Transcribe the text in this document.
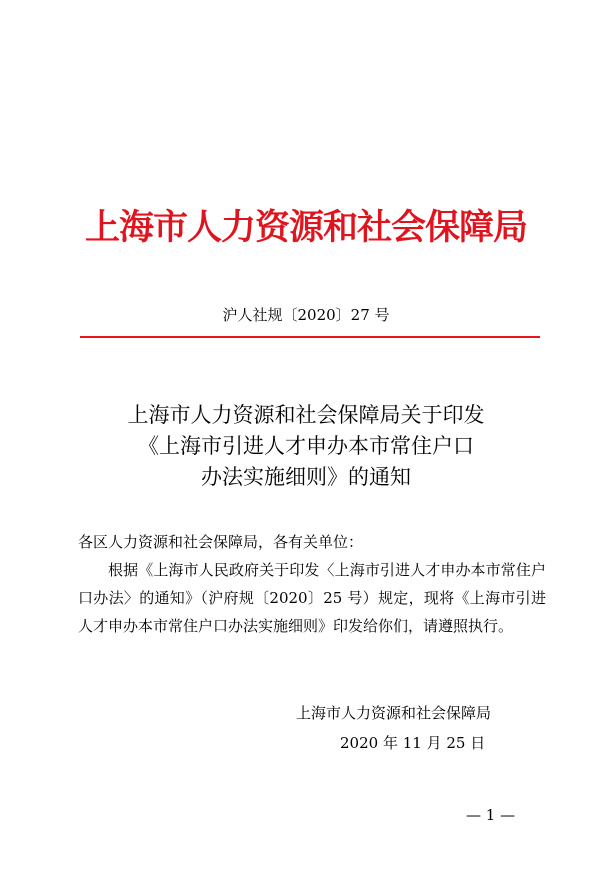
上海市人力资源和社会保障局
沪人社规〔2020〕27 号
上海市人力资源和社会保障局关于印发
《上海市引进人才申办本市常住户口
办法实施细则》的通知
各区人力资源和社会保障局，各有关单位：
根据《上海市人民政府关于印发〈上海市引进人才申办本市常住户口办法〉的通知》（沪府规〔2020〕25 号）规定，现将《上海市引进人才申办本市常住户口办法实施细则》印发给你们，请遵照执行。
上海市人力资源和社会保障局
2020 年 11 月 25 日
— 1 —
